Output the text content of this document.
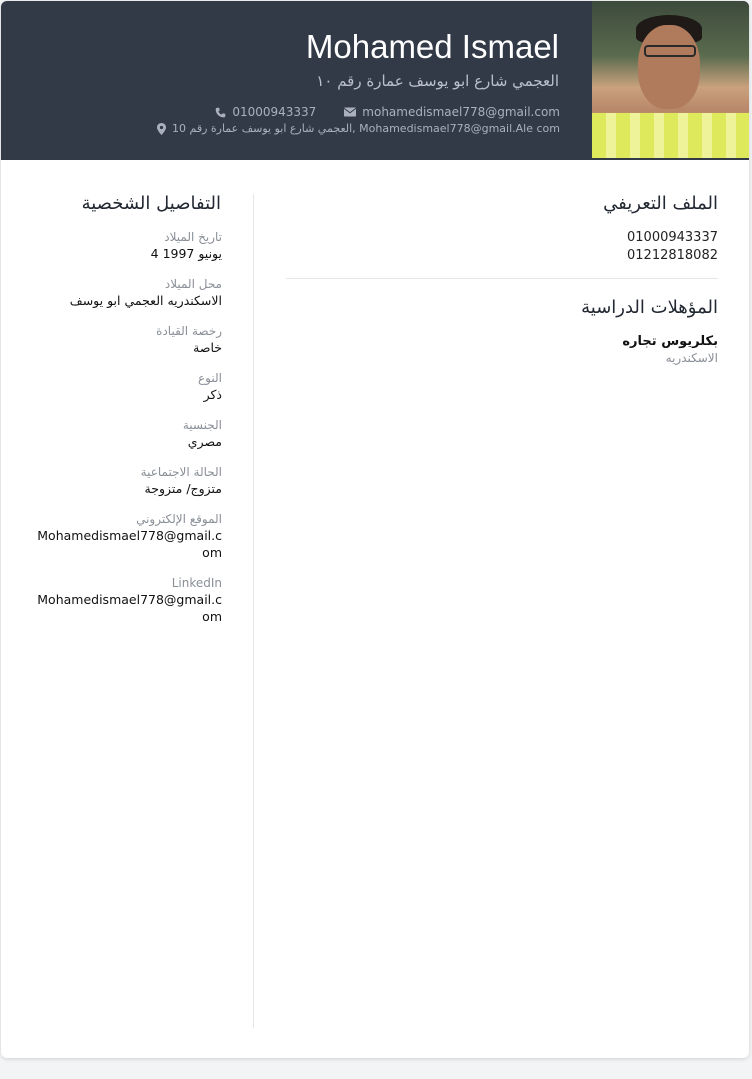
Mohamed Ismael
العجمي شارع ابو يوسف عمارة رقم ١٠
01000943337	mohamedismael778@gmail.com
العجمي شارع ابو يوسف عمارة رقم 10, Mohamedismael778@gmail.Ale com
الملف التعريفي
01000943337
01212818082
المؤهلات الدراسية
بكلريوس تجاره
الاسكندريه
التفاصيل الشخصية
تاريخ الميلاد
4 يونيو 1997
محل الميلاد
الاسكندريه العجمي ابو يوسف
رخصة القيادة
خاصة
النوع
ذكر
الجنسية
مصري
الحالة الاجتماعية
متزوج/ متزوجة
الموقع الإلكتروني
Mohamedismael778@gmail.com
LinkedIn
Mohamedismael778@gmail.com
